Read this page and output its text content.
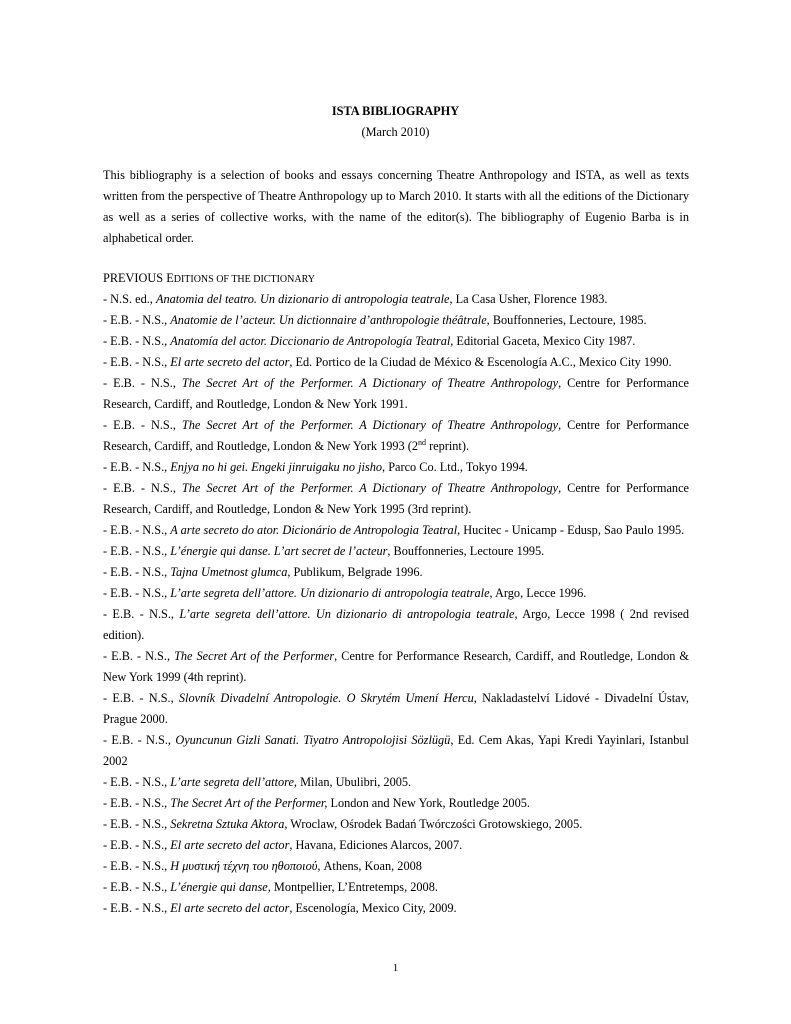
ISTA BIBLIOGRAPHY
(March 2010)

This bibliography is a selection of books and essays concerning Theatre Anthropology and ISTA, as well as texts written from the perspective of Theatre Anthropology up to March 2010. It starts with all the editions of the Dictionary as well as a series of collective works, with the name of the editor(s). The bibliography of Eugenio Barba is in alphabetical order.

PREVIOUS EDITIONS OF THE DICTIONARY
- N.S. ed., Anatomia del teatro. Un dizionario di antropologia teatrale, La Casa Usher, Florence 1983.
- E.B. - N.S., Anatomie de l’acteur. Un dictionnaire d’anthropologie théâtrale, Bouffonneries, Lectoure, 1985.
- E.B. - N.S., Anatomía del actor. Diccionario de Antropología Teatral, Editorial Gaceta, Mexico City 1987.
- E.B. - N.S., El arte secreto del actor, Ed. Portico de la Ciudad de México & Escenología A.C., Mexico City 1990.
- E.B. - N.S., The Secret Art of the Performer. A Dictionary of Theatre Anthropology, Centre for Performance Research, Cardiff, and Routledge, London & New York 1991.
- E.B. - N.S., The Secret Art of the Performer. A Dictionary of Theatre Anthropology, Centre for Performance Research, Cardiff, and Routledge, London & New York 1993 (2nd reprint).
- E.B. - N.S., Enjya no hi gei. Engeki jinruigaku no jisho, Parco Co. Ltd., Tokyo 1994.
- E.B. - N.S., The Secret Art of the Performer. A Dictionary of Theatre Anthropology, Centre for Performance Research, Cardiff, and Routledge, London & New York 1995 (3rd reprint).
- E.B. - N.S., A arte secreto do ator. Dicionário de Antropologia Teatral, Hucitec - Unicamp - Edusp, Sao Paulo 1995.
- E.B. - N.S., L’énergie qui danse. L’art secret de l’acteur, Bouffonneries, Lectoure 1995.
- E.B. - N.S., Tajna Umetnost glumca, Publikum, Belgrade 1996.
- E.B. - N.S., L’arte segreta dell’attore. Un dizionario di antropologia teatrale, Argo, Lecce 1996.
- E.B. - N.S., L’arte segreta dell’attore. Un dizionario di antropologia teatrale, Argo, Lecce 1998 ( 2nd revised edition).
- E.B. - N.S., The Secret Art of the Performer, Centre for Performance Research, Cardiff, and Routledge, London & New York 1999 (4th reprint).
- E.B. - N.S., Slovník Divadelní Antropologie. O Skrytém Umení Hercu, Nakladastelví Lidové - Divadelní Ústav, Prague 2000.
- E.B. - N.S., Oyuncunun Gizli Sanati. Tiyatro Antropolojisi Sözlügü, Ed. Cem Akas, Yapi Kredi Yayinlari, Istanbul 2002
- E.B. - N.S., L’arte segreta dell’attore, Milan, Ubulibri, 2005.
- E.B. - N.S., The Secret Art of the Performer, London and New York, Routledge 2005.
- E.B. - N.S., Sekretna Sztuka Aktora, Wroclaw, Ośrodek Badań Twórczości Grotowskiego, 2005.
- E.B. - N.S., El arte secreto del actor, Havana, Ediciones Alarcos, 2007.
- E.B. - N.S., Η μυστική τέχνη του ηθοποιού, Athens, Koan, 2008
- E.B. - N.S., L’énergie qui danse, Montpellier, L’Entretemps, 2008.
- E.B. - N.S., El arte secreto del actor, Escenología, Mexico City, 2009.
1
